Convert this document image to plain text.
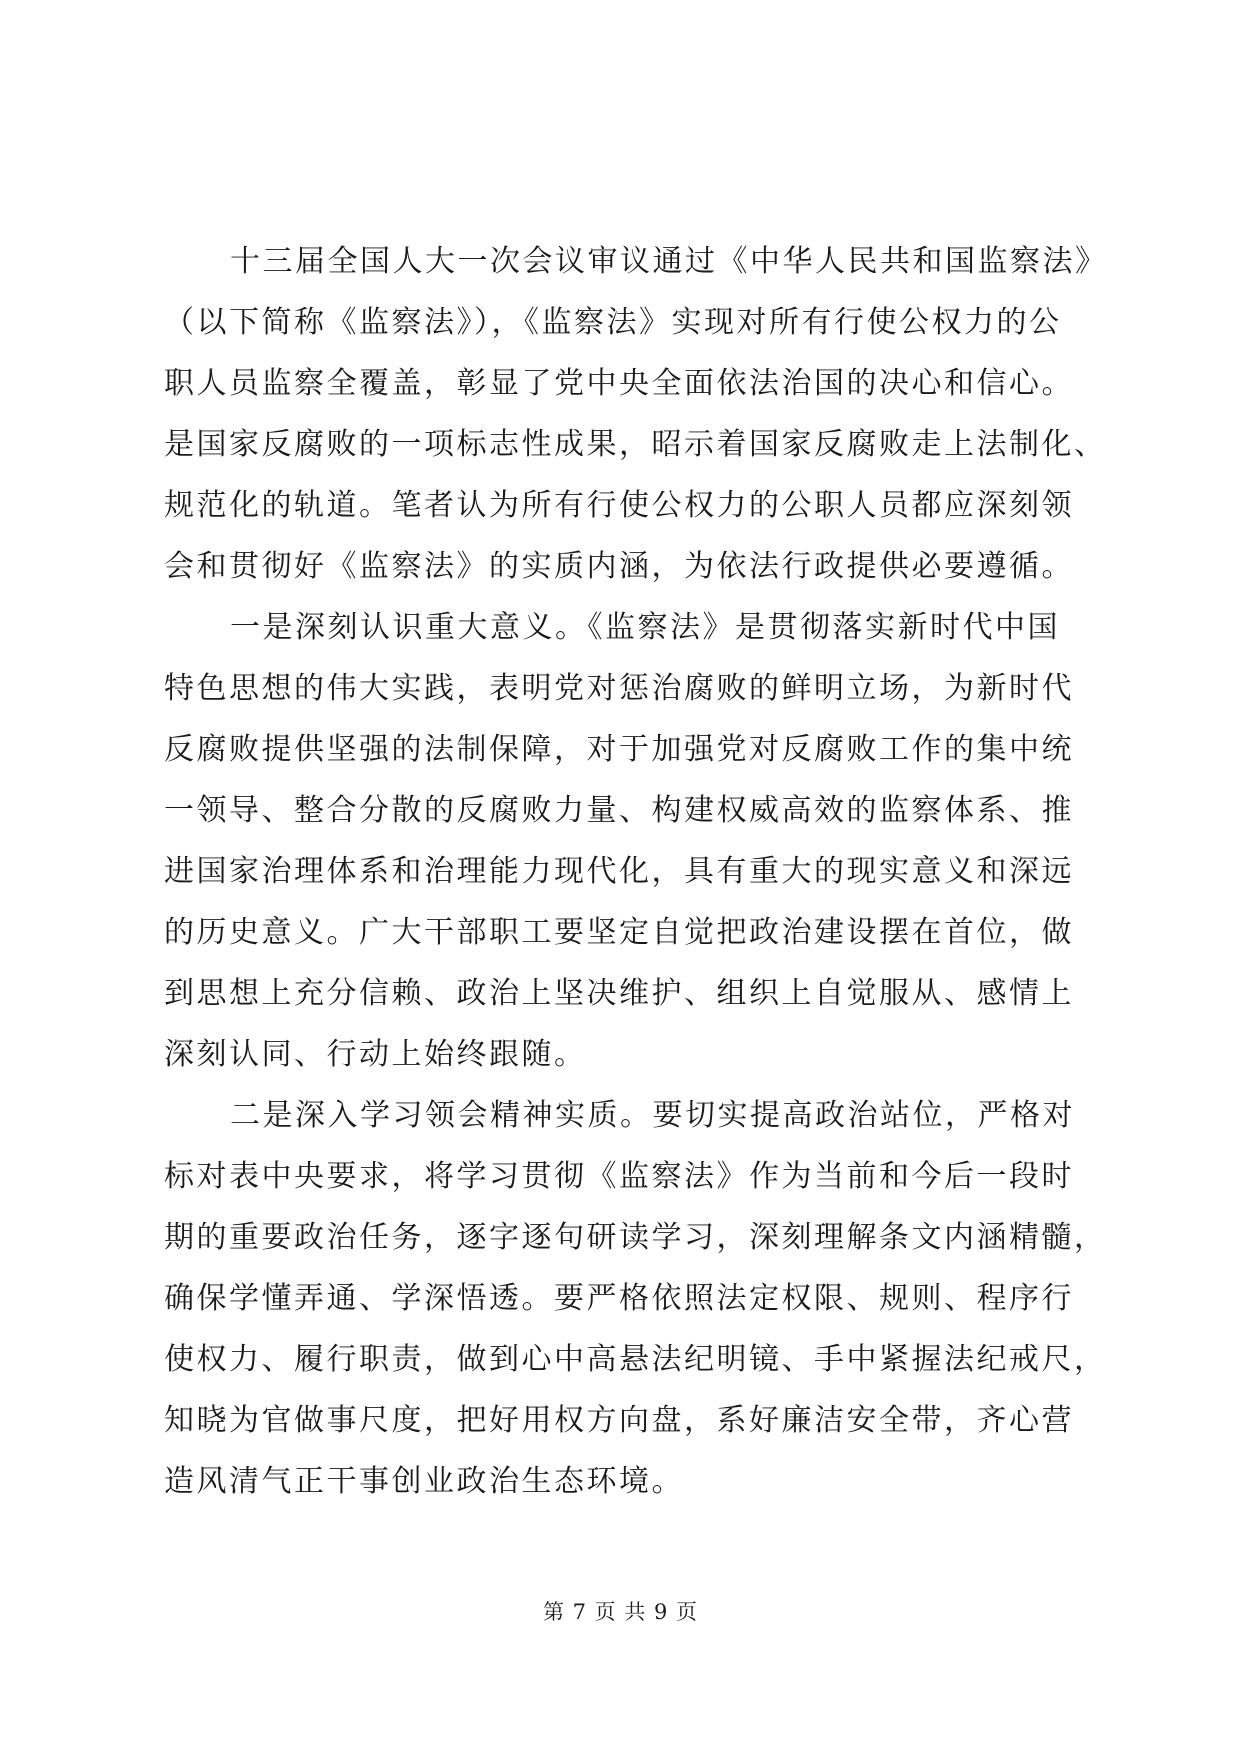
十三届全国人大一次会议审议通过《中华人民共和国监察法》
（以下简称《监察法》），《监察法》实现对所有行使公权力的公
职人员监察全覆盖，彰显了党中央全面依法治国的决心和信心。
是国家反腐败的一项标志性成果，昭示着国家反腐败走上法制化、
规范化的轨道。笔者认为所有行使公权力的公职人员都应深刻领
会和贯彻好《监察法》的实质内涵，为依法行政提供必要遵循。
一是深刻认识重大意义。《监察法》是贯彻落实新时代中国
特色思想的伟大实践，表明党对惩治腐败的鲜明立场，为新时代
反腐败提供坚强的法制保障，对于加强党对反腐败工作的集中统
一领导、整合分散的反腐败力量、构建权威高效的监察体系、推
进国家治理体系和治理能力现代化，具有重大的现实意义和深远
的历史意义。广大干部职工要坚定自觉把政治建设摆在首位，做
到思想上充分信赖、政治上坚决维护、组织上自觉服从、感情上
深刻认同、行动上始终跟随。
二是深入学习领会精神实质。要切实提高政治站位，严格对
标对表中央要求，将学习贯彻《监察法》作为当前和今后一段时
期的重要政治任务，逐字逐句研读学习，深刻理解条文内涵精髓，
确保学懂弄通、学深悟透。要严格依照法定权限、规则、程序行
使权力、履行职责，做到心中高悬法纪明镜、手中紧握法纪戒尺，
知晓为官做事尺度，把好用权方向盘，系好廉洁安全带，齐心营
造风清气正干事创业政治生态环境。
第 7 页 共 9 页
